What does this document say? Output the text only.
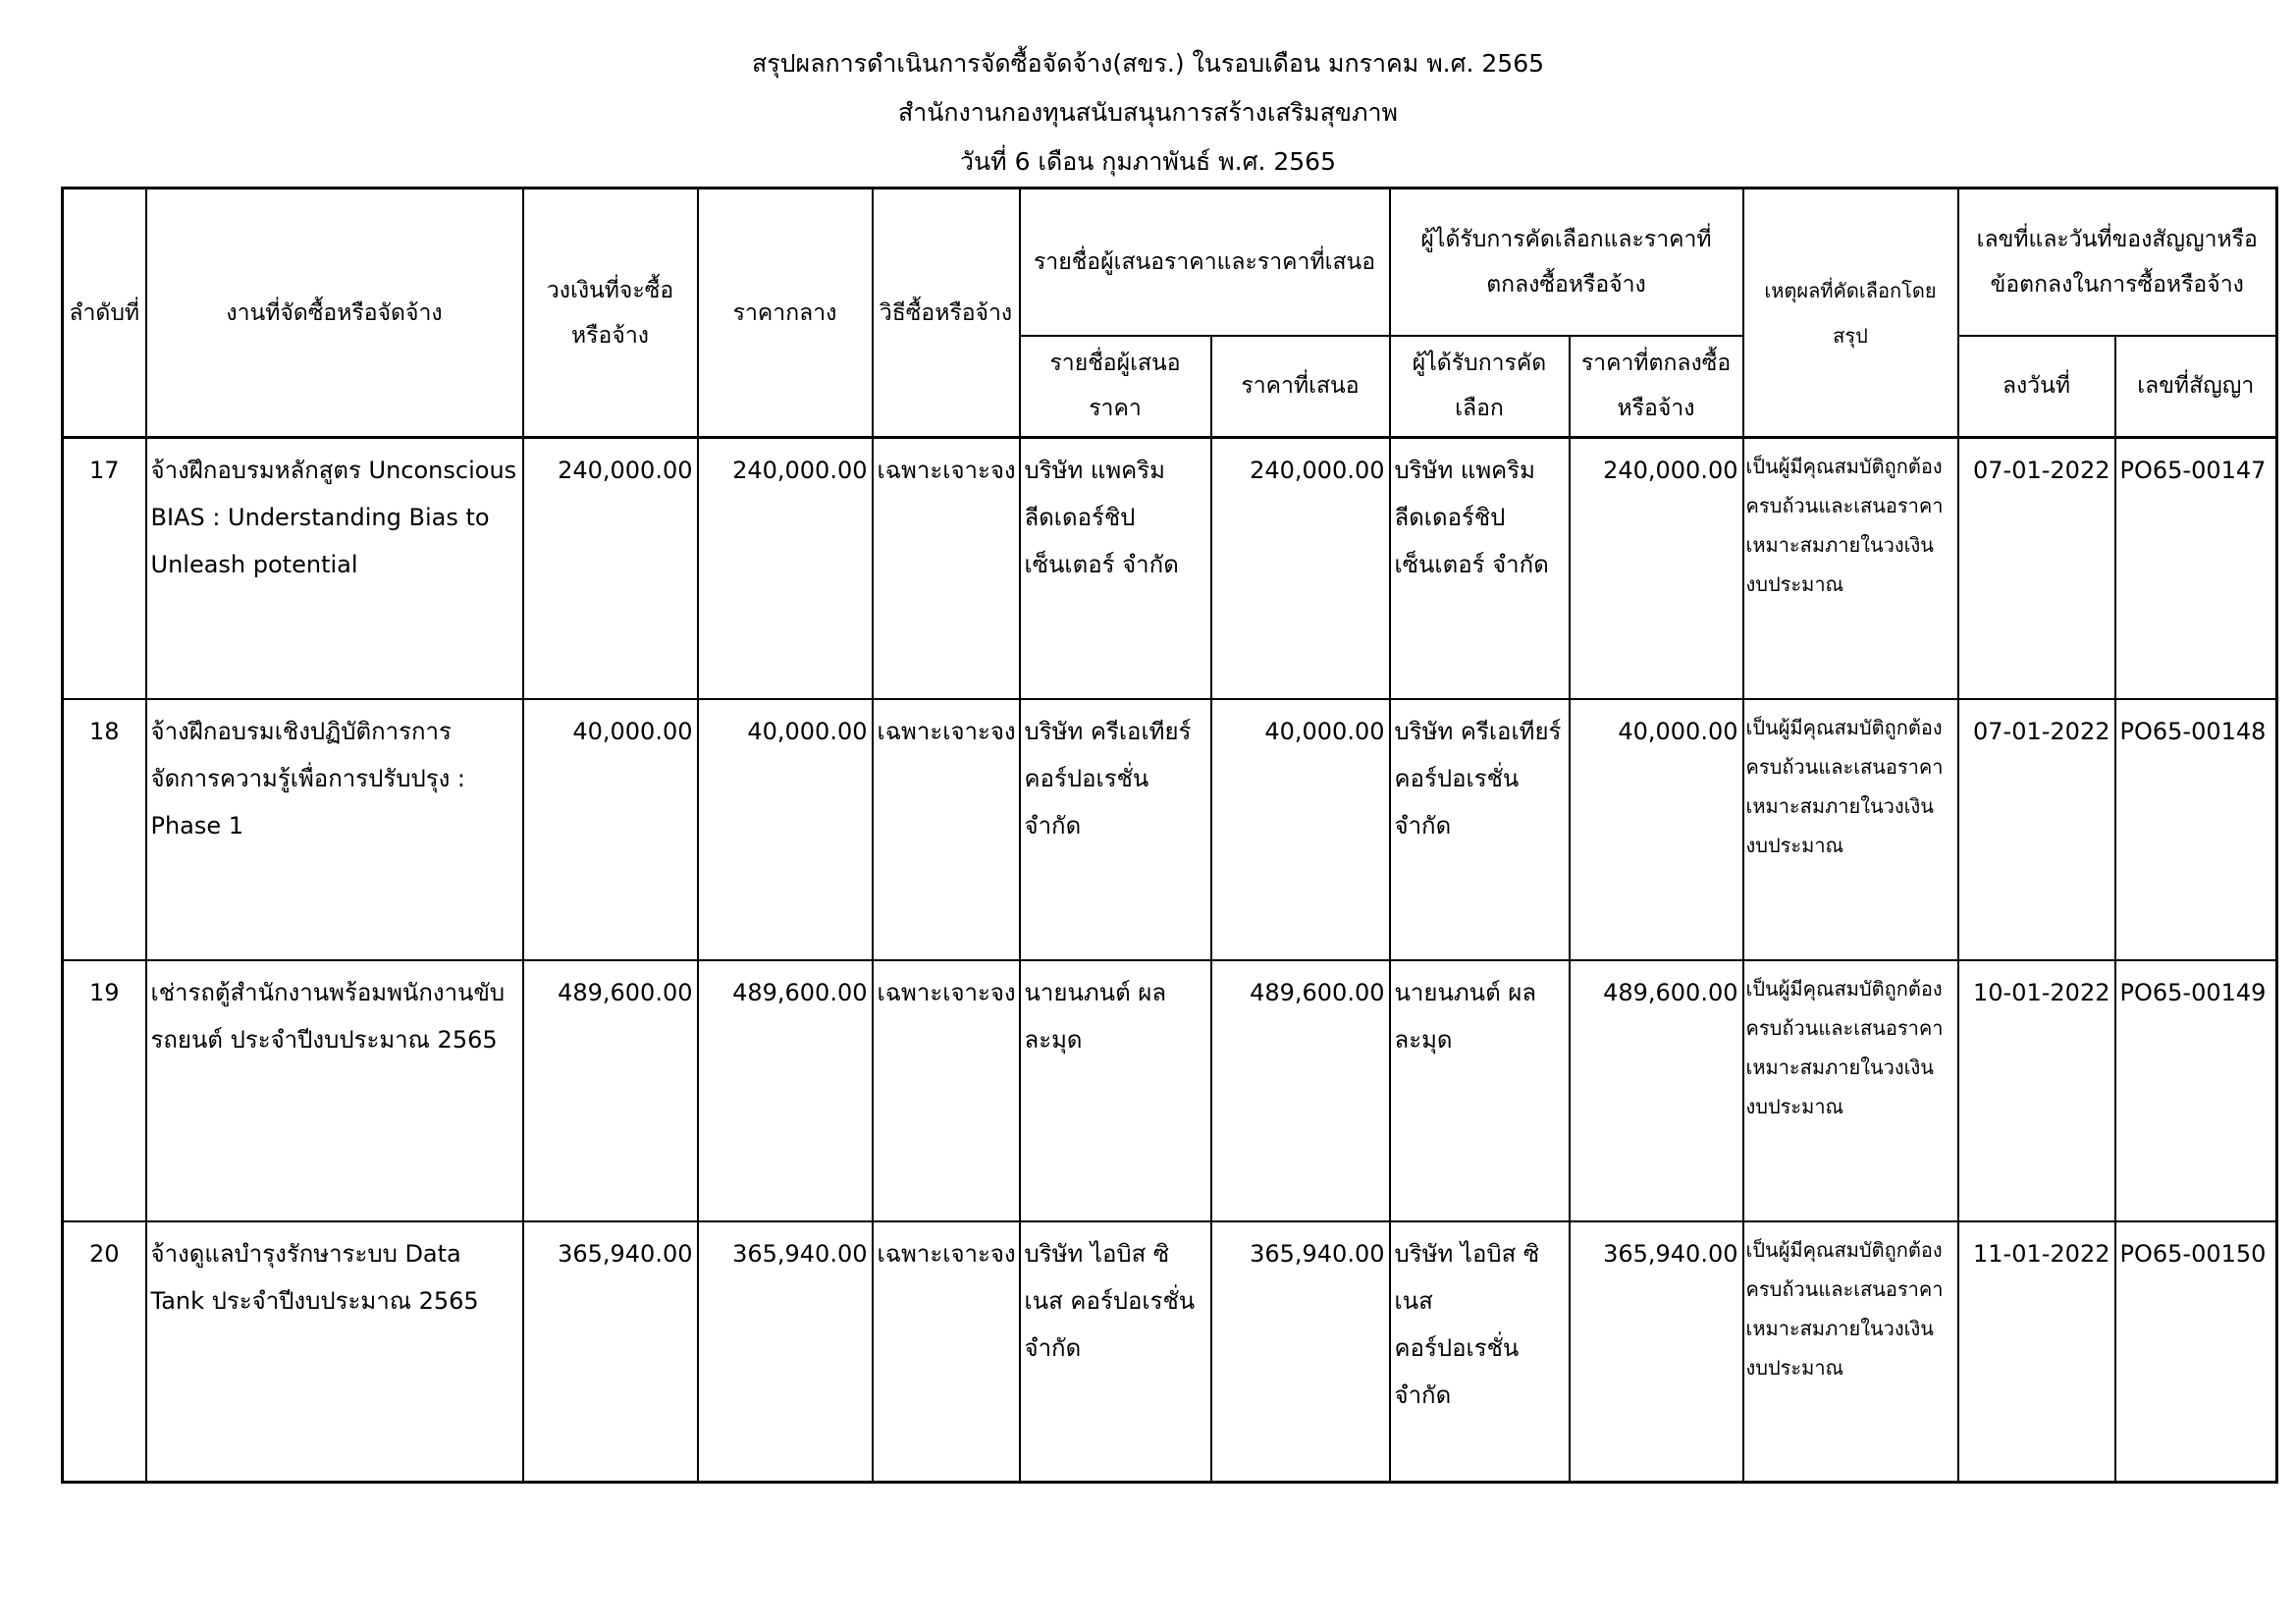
สรุปผลการดำเนินการจัดซื้อจัดจ้าง(สขร.) ในรอบเดือน มกราคม พ.ศ. 2565
สำนักงานกองทุนสนับสนุนการสร้างเสริมสุขภาพ
วันที่ 6 เดือน กุมภาพันธ์ พ.ศ. 2565
ลำดับที่	งานที่จัดซื้อหรือจัดจ้าง	วงเงินที่จะซื้อหรือจ้าง	ราคากลาง	วิธีซื้อหรือจ้าง	รายชื่อผู้เสนอราคาและราคาที่เสนอ		ผู้ได้รับการคัดเลือกและราคาที่ตกลงซื้อหรือจ้าง		เหตุผลที่คัดเลือกโดยสรุป	เลขที่และวันที่ของสัญญาหรือข้อตกลงในการซื้อหรือจ้าง	
					รายชื่อผู้เสนอราคา	ราคาที่เสนอ	ผู้ได้รับการคัดเลือก	ราคาที่ตกลงซื้อหรือจ้าง		ลงวันที่	เลขที่สัญญา
17	จ้างฝึกอบรมหลักสูตร Unconscious BIAS : Understanding Bias to Unleash potential	240,000.00	240,000.00	เฉพาะเจาะจง	บริษัท แพคริม ลีดเดอร์ชิป เซ็นเตอร์ จำกัด	240,000.00	บริษัท แพคริม ลีดเดอร์ชิป เซ็นเตอร์ จำกัด	240,000.00	เป็นผู้มีคุณสมบัติถูกต้องครบถ้วนและเสนอราคาเหมาะสมภายในวงเงินงบประมาณ	07-01-2022	PO65-00147
18	จ้างฝึกอบรมเชิงปฏิบัติการการจัดการความรู้เพื่อการปรับปรุง : Phase 1	40,000.00	40,000.00	เฉพาะเจาะจง	บริษัท ครีเอเทียร์ คอร์ปอเรชั่น จำกัด	40,000.00	บริษัท ครีเอเทียร์ คอร์ปอเรชั่น จำกัด	40,000.00	เป็นผู้มีคุณสมบัติถูกต้องครบถ้วนและเสนอราคาเหมาะสมภายในวงเงินงบประมาณ	07-01-2022	PO65-00148
19	เช่ารถตู้สำนักงานพร้อมพนักงานขับรถยนต์ ประจำปีงบประมาณ 2565	489,600.00	489,600.00	เฉพาะเจาะจง	นายนภนต์ ผลละมุด	489,600.00	นายนภนต์ ผลละมุด	489,600.00	เป็นผู้มีคุณสมบัติถูกต้องครบถ้วนและเสนอราคาเหมาะสมภายในวงเงินงบประมาณ	10-01-2022	PO65-00149
20	จ้างดูแลบำรุงรักษาระบบ Data Tank ประจำปีงบประมาณ 2565	365,940.00	365,940.00	เฉพาะเจาะจง	บริษัท ไอบิส ซิเนส คอร์ปอเรชั่น จำกัด	365,940.00	บริษัท ไอบิส ซิเนส คอร์ปอเรชั่น จำกัด	365,940.00	เป็นผู้มีคุณสมบัติถูกต้องครบถ้วนและเสนอราคาเหมาะสมภายในวงเงินงบประมาณ	11-01-2022	PO65-00150
